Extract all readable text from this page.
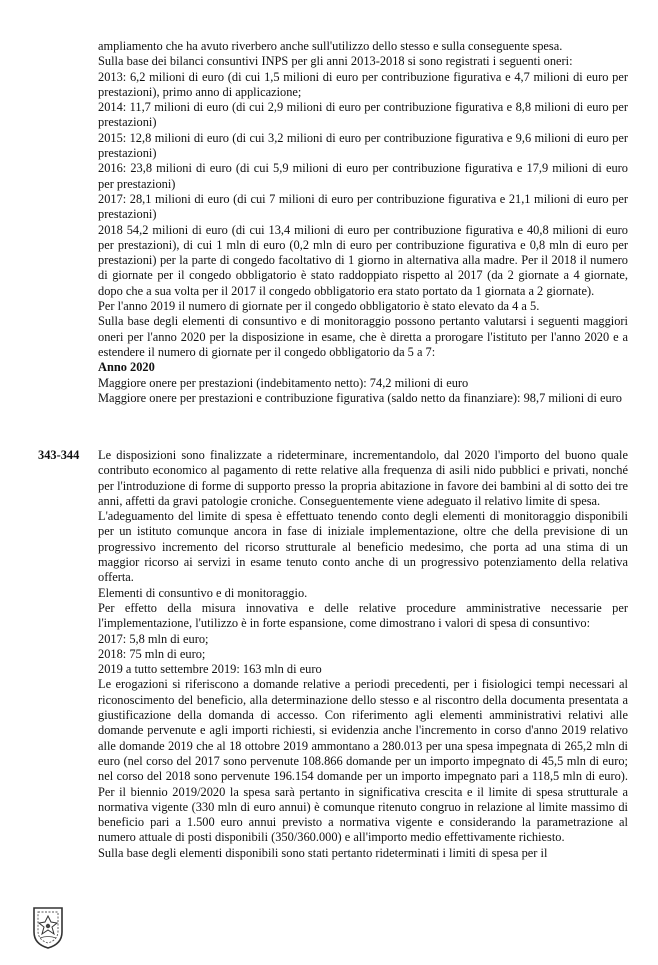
ampliamento che ha avuto riverbero anche sull'utilizzo dello stesso e sulla conseguente spesa.

Sulla base dei bilanci consuntivi INPS per gli anni 2013-2018 si sono registrati i seguenti oneri:

2013: 6,2 milioni di euro (di cui 1,5 milioni di euro per contribuzione figurativa e 4,7 milioni di euro per prestazioni), primo anno di applicazione;

2014: 11,7 milioni di euro (di cui 2,9 milioni di euro per contribuzione figurativa e 8,8 milioni di euro per prestazioni)

2015: 12,8 milioni di euro (di cui 3,2 milioni di euro per contribuzione figurativa e 9,6 milioni di euro per prestazioni)

2016: 23,8 milioni di euro (di cui 5,9 milioni di euro per contribuzione figurativa e 17,9 milioni di euro per prestazioni)

2017: 28,1 milioni di euro (di cui 7 milioni di euro per contribuzione figurativa e 21,1 milioni di euro per prestazioni)

2018 54,2 milioni di euro (di cui 13,4 milioni di euro per contribuzione figurativa e 40,8 milioni di euro per prestazioni), di cui 1 mln di euro (0,2 mln di euro per contribuzione figurativa e 0,8 mln di euro per prestazioni) per la parte di congedo facoltativo di 1 giorno in alternativa alla madre. Per il 2018 il numero di giornate per il congedo obbligatorio è stato raddoppiato rispetto al 2017 (da 2 giornate a 4 giornate, dopo che a sua volta per il 2017 il congedo obbligatorio era stato portato da 1 giornata a 2 giornate).

Per l'anno 2019 il numero di giornate per il congedo obbligatorio è stato elevato da 4 a 5.

Sulla base degli elementi di consuntivo e di monitoraggio possono pertanto valutarsi i seguenti maggiori oneri per l'anno 2020 per la disposizione in esame, che è diretta a prorogare l'istituto per l'anno 2020 e a estendere il numero di giornate per il congedo obbligatorio da 5 a 7:

Anno 2020

Maggiore onere per prestazioni (indebitamento netto): 74,2 milioni di euro

Maggiore onere per prestazioni e contribuzione figurativa (saldo netto da finanziare): 98,7 milioni di euro

343-344 Le disposizioni sono finalizzate a rideterminare, incrementandolo, dal 2020 l'importo del buono quale contributo economico al pagamento di rette relative alla frequenza di asili nido pubblici e privati, nonché per l'introduzione di forme di supporto presso la propria abitazione in favore dei bambini al di sotto dei tre anni, affetti da gravi patologie croniche. Conseguentemente viene adeguato il relativo limite di spesa.

L'adeguamento del limite di spesa è effettuato tenendo conto degli elementi di monitoraggio disponibili per un istituto comunque ancora in fase di iniziale implementazione, oltre che della previsione di un progressivo incremento del ricorso strutturale al beneficio medesimo, che porta ad una stima di un maggior ricorso ai servizi in esame tenuto conto anche di un progressivo potenziamento della relativa offerta.

Elementi di consuntivo e di monitoraggio.

Per effetto della misura innovativa e delle relative procedure amministrative necessarie per l'implementazione, l'utilizzo è in forte espansione, come dimostrano i valori di spesa di consuntivo:

2017: 5,8 mln di euro;

2018: 75 mln di euro;

2019 a tutto settembre 2019: 163 mln di euro

Le erogazioni si riferiscono a domande relative a periodi precedenti, per i fisiologici tempi necessari al riconoscimento del beneficio, alla determinazione dello stesso e al riscontro della documenta presentata a giustificazione della domanda di accesso. Con riferimento agli elementi amministrativi relativi alle domande pervenute e agli importi richiesti, si evidenzia anche l'incremento in corso d'anno 2019 relativo alle domande 2019 che al 18 ottobre 2019 ammontano a 280.013 per una spesa impegnata di 265,2 mln di euro (nel corso del 2017 sono pervenute 108.866 domande per un importo impegnato di 45,5 mln di euro; nel corso del 2018 sono pervenute 196.154 domande per un importo impegnato pari a 118,5 mln di euro). Per il biennio 2019/2020 la spesa sarà pertanto in significativa crescita e il limite di spesa strutturale a normativa vigente (330 mln di euro annui) è comunque ritenuto congruo in relazione al limite massimo di beneficio pari a 1.500 euro annui previsto a normativa vigente e considerando la parametrazione al numero attuale di posti disponibili (350/360.000) e all'importo medio effettivamente richiesto.

Sulla base degli elementi disponibili sono stati pertanto rideterminati i limiti di spesa per il
